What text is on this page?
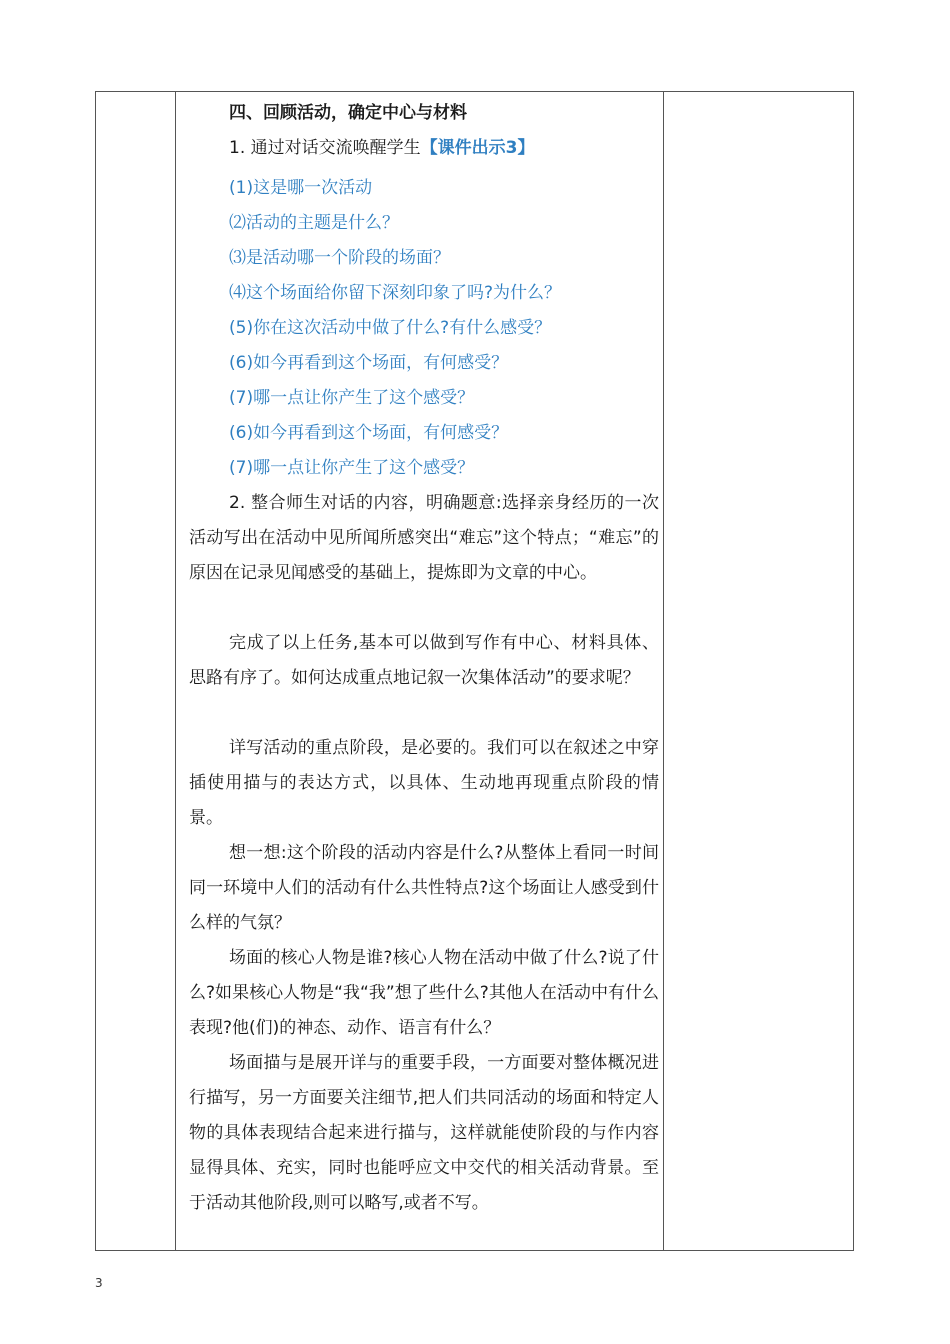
四、回顾活动，确定中心与材料
1. 通过对话交流唤醒学生【课件出示3】
(1)这是哪一次活动
⑵活动的主题是什么？
⑶是活动哪一个阶段的场面？
⑷这个场面给你留下深刻印象了吗?为什么？
(5)你在这次活动中做了什么?有什么感受？
(6)如今再看到这个场面，有何感受？
(7)哪一点让你产生了这个感受？
(6)如今再看到这个场面，有何感受？
(7)哪一点让你产生了这个感受？
2. 整合师生对话的内容，明确题意:选择亲身经历的一次活动写出在活动中见所闻所感突出“难忘”这个特点；“难忘”的原因在记录见闻感受的基础上，提炼即为文章的中心。
完成了以上任务,基本可以做到写作有中心、材料具体、思路有序了。如何达成重点地记叙一次集体活动”的要求呢？
详写活动的重点阶段，是必要的。我们可以在叙述之中穿插使用描与的表达方式，以具体、生动地再现重点阶段的情景。
想一想:这个阶段的活动内容是什么?从整体上看同一时间同一环境中人们的活动有什么共性特点?这个场面让人感受到什么样的气氛？
场面的核心人物是谁?核心人物在活动中做了什么?说了什么?如果核心人物是“我“我”想了些什么?其他人在活动中有什么表现?他(们)的神态、动作、语言有什么？
场面描与是展开详与的重要手段，一方面要对整体概况进行描写，另一方面要关注细节,把人们共同活动的场面和特定人物的具体表现结合起来进行描与，这样就能使阶段的与作内容显得具体、充实，同时也能呼应文中交代的相关活动背景。至于活动其他阶段,则可以略写,或者不写。
3
